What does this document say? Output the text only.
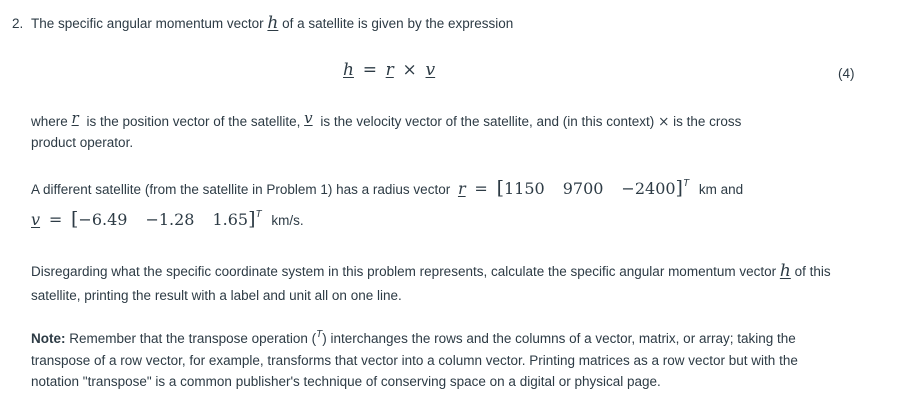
2. The specific angular momentum vector h of a satellite is given by the expression
h = r × v	(4)
where r is the position vector of the satellite, v is the velocity vector of the satellite, and (in this context) × is the cross
product operator.
A different satellite (from the satellite in Problem 1) has a radius vector r = [1150 9700 −2400]$^T$ km and
v = [−6.49 −1.28 1.65]$^T$ km/s.
Disregarding what the specific coordinate system in this problem represents, calculate the specific angular momentum vector h of this
satellite, printing the result with a label and unit all on one line.
Note: Remember that the transpose operation ($^T$) interchanges the rows and the columns of a vector, matrix, or array; taking the
transpose of a row vector, for example, transforms that vector into a column vector. Printing matrices as a row vector but with the
notation "transpose" is a common publisher's technique of conserving space on a digital or physical page.
